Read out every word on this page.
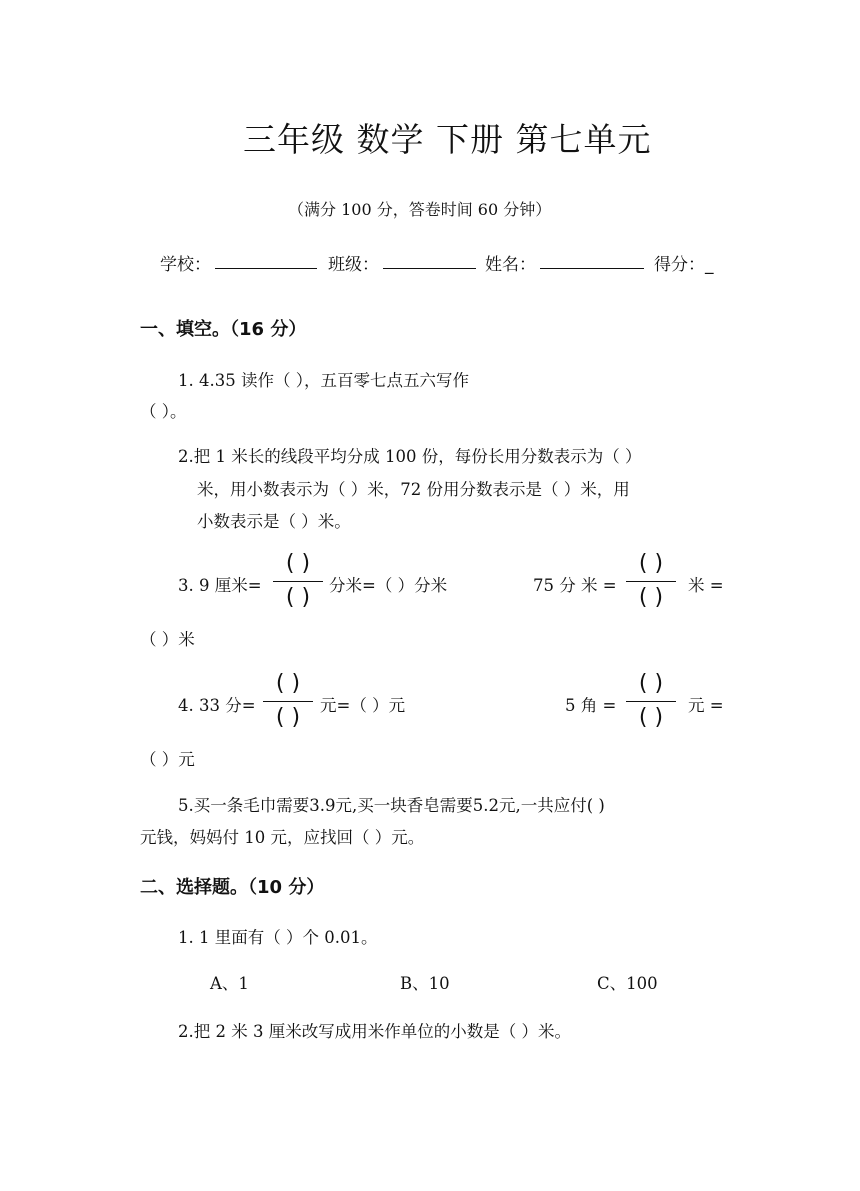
三年级 数学 下册 第七单元
（满分 100 分，答卷时间 60 分钟）
学校：	班级：	姓名：	得分：_
一、填空。（16 分）
1. 4.35 读作（ ），五百零七点五六写作
（ ）。
2.把 1 米长的线段平均分成 100 份，每份长用分数表示为（ ）
米，用小数表示为（ ）米，72 份用分数表示是（ ）米，用
小数表示是（ ）米。
3. 9 厘米=
( )
( )	分米=（ ）分米	75 分 米 =
( )
( )	米 =
（ ）米
4. 33 分=
( )
( )	元=（ ）元	5 角 =
( )
( )	元 =
（ ）元
5.买一条毛巾需要3.9元,买一块香皂需要5.2元,一共应付( )
元钱，妈妈付 10 元，应找回（ ）元。
二、选择题。（10 分）
1. 1 里面有（ ）个 0.01。
A、1	B、10	C、100
2.把 2 米 3 厘米改写成用米作单位的小数是（ ）米。
